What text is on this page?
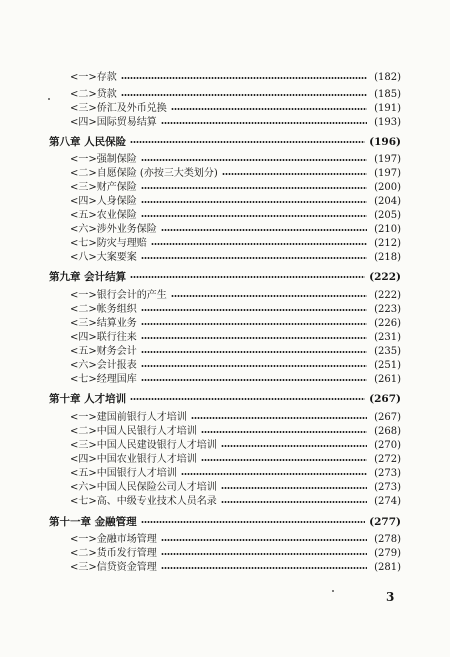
<一>存款	(182)
<二>贷款	(185)
<三>侨汇及外币兑换	(191)
<四>国际贸易结算	(193)
第八章 人民保险	(196)
<一>强制保险	(197)
<二>自愿保险 (亦按三大类划分)	(197)
<三>财产保险	(200)
<四>人身保险	(204)
<五>农业保险	(205)
<六>涉外业务保险	(210)
<七>防灾与理赔	(212)
<八>大案要案	(218)
第九章 会计结算	(222)
<一>银行会计的产生	(222)
<二>帐务组织	(223)
<三>结算业务	(226)
<四>联行往来	(231)
<五>财务会计	(235)
<六>会计报表	(251)
<七>经理国库	(261)
第十章 人才培训	(267)
<一>建国前银行人才培训	(267)
<二>中国人民银行人才培训	(268)
<三>中国人民建设银行人才培训	(270)
<四>中国农业银行人才培训	(272)
<五>中国银行人才培训	(273)
<六>中国人民保险公司人才培训	(273)
<七>高、中级专业技术人员名录	(274)
第十一章 金融管理	(277)
<一>金融市场管理	(278)
<二>货币发行管理	(279)
<三>信贷资金管理	(281)
3
